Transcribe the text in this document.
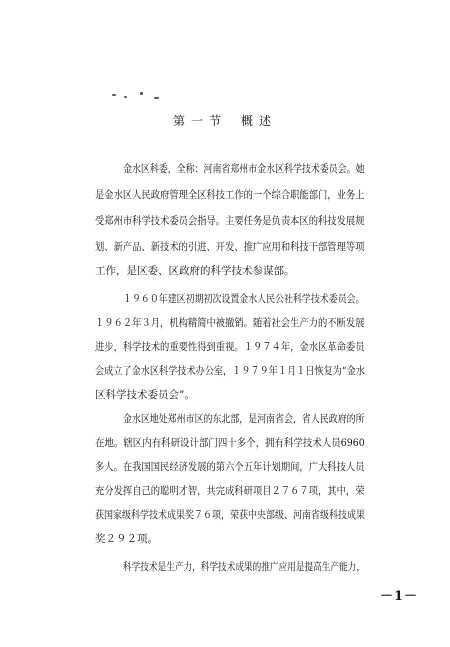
第一节 概述
金水区科委，全称：河南省郑州市金水区科学技术委员会。她
是金水区人民政府管理全区科技工作的一个综合职能部门，业务上
受郑州市科学技术委员会指导。主要任务是负责本区的科技发展规
划、新产品、新技术的引进、开发、推广应用和科技干部管理等项
工作，是区委、区政府的科学技术参谋部。
１９６０年建区初期初次设置金水人民公社科学技术委员会。
１９６２年３月，机构精简中被撤销。随着社会生产力的不断发展
进步，科学技术的重要性得到重视。１９７４年，金水区革命委员
会成立了金水区科学技术办公室，１９７９年１月１日恢复为“金水
区科学技术委员会”。
金水区地处郑州市区的东北部，是河南省会，省人民政府的所
在地。辖区内有科研设计部门四十多个，拥有科学技术人员6960
多人。在我国国民经济发展的第六个五年计划期间，广大科技人员
充分发挥自己的聪明才智，共完成科研项目２７６７项，其中，荣
获国家级科学技术成果奖７６项，荣获中央部级、河南省级科技成果
奖２９２项。
科学技术是生产力，科学技术成果的推广应用是提高生产能力，
－1－
